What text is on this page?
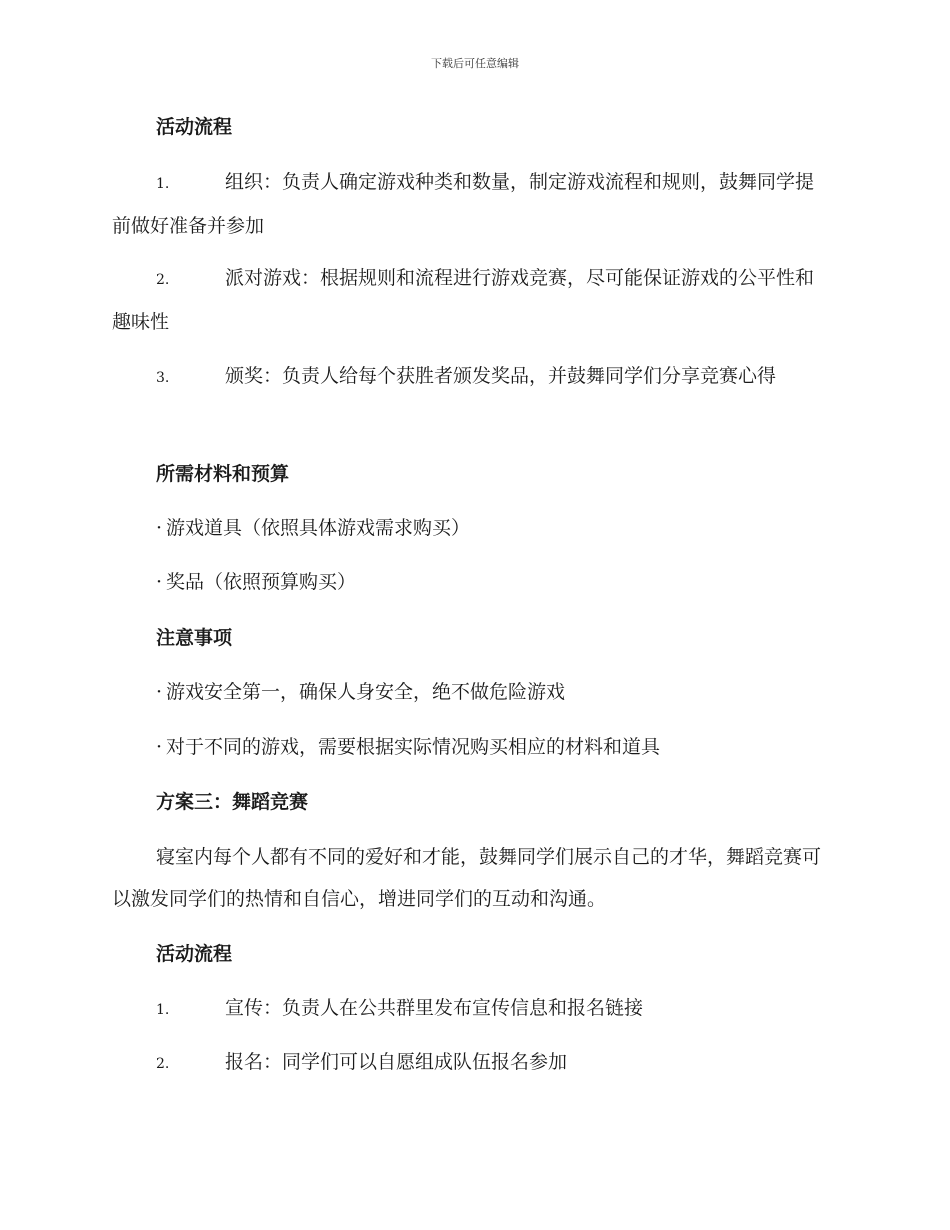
下载后可任意编辑
活动流程
1.	组织：负责人确定游戏种类和数量，制定游戏流程和规则，鼓舞同学提前做好准备并参加
2.	派对游戏：根据规则和流程进行游戏竞赛，尽可能保证游戏的公平性和趣味性
3.	颁奖：负责人给每个获胜者颁发奖品，并鼓舞同学们分享竞赛心得
所需材料和预算
· 游戏道具（依照具体游戏需求购买）
· 奖品（依照预算购买）
注意事项
· 游戏安全第一，确保人身安全，绝不做危险游戏
· 对于不同的游戏，需要根据实际情况购买相应的材料和道具
方案三：舞蹈竞赛
寝室内每个人都有不同的爱好和才能，鼓舞同学们展示自己的才华，舞蹈竞赛可以激发同学们的热情和自信心，增进同学们的互动和沟通。
活动流程
1.	宣传：负责人在公共群里发布宣传信息和报名链接
2.	报名：同学们可以自愿组成队伍报名参加
